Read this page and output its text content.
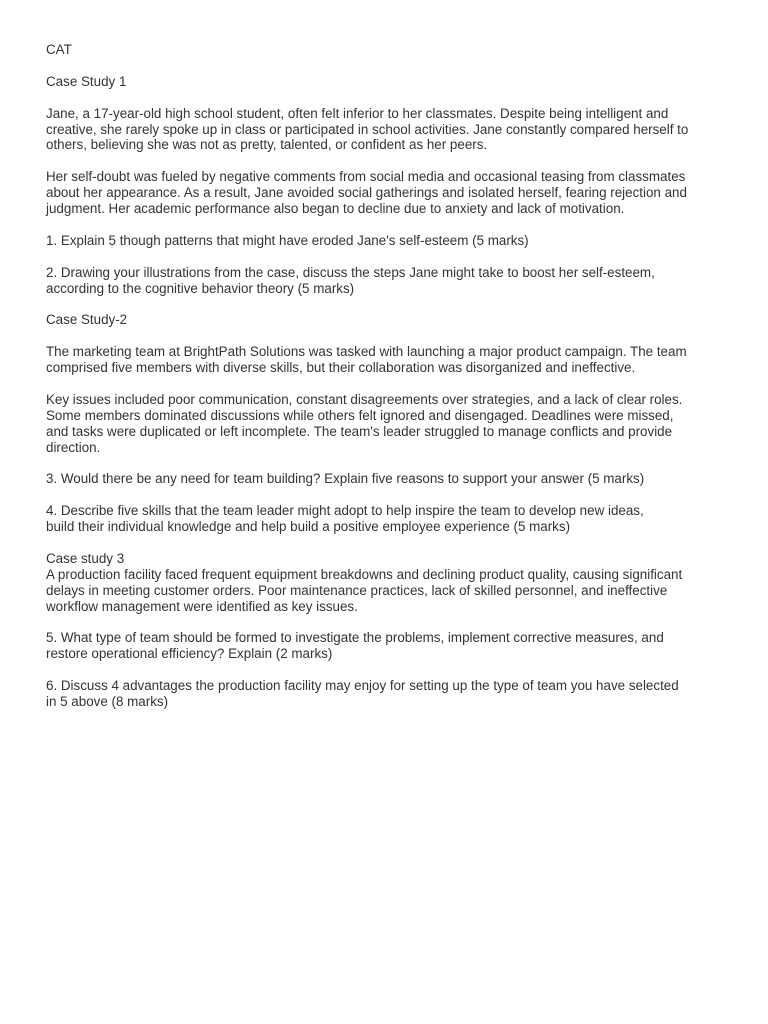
CAT

Case Study 1

Jane, a 17-year-old high school student, often felt inferior to her classmates. Despite being intelligent and
creative, she rarely spoke up in class or participated in school activities. Jane constantly compared herself to
others, believing she was not as pretty, talented, or confident as her peers.

Her self-doubt was fueled by negative comments from social media and occasional teasing from classmates
about her appearance. As a result, Jane avoided social gatherings and isolated herself, fearing rejection and
judgment. Her academic performance also began to decline due to anxiety and lack of motivation.

1. Explain 5 though patterns that might have eroded Jane's self-esteem (5 marks)

2. Drawing your illustrations from the case, discuss the steps Jane might take to boost her self-esteem,
according to the cognitive behavior theory (5 marks)

Case Study-2

The marketing team at BrightPath Solutions was tasked with launching a major product campaign. The team
comprised five members with diverse skills, but their collaboration was disorganized and ineffective.

Key issues included poor communication, constant disagreements over strategies, and a lack of clear roles.
Some members dominated discussions while others felt ignored and disengaged. Deadlines were missed,
and tasks were duplicated or left incomplete. The team's leader struggled to manage conflicts and provide
direction.

3. Would there be any need for team building? Explain five reasons to support your answer (5 marks)

4. Describe five skills that the team leader might adopt to help inspire the team to develop new ideas,
build their individual knowledge and help build a positive employee experience (5 marks)

Case study 3

A production facility faced frequent equipment breakdowns and declining product quality, causing significant
delays in meeting customer orders. Poor maintenance practices, lack of skilled personnel, and ineffective
workflow management were identified as key issues.

5. What type of team should be formed to investigate the problems, implement corrective measures, and
restore operational efficiency? Explain (2 marks)

6. Discuss 4 advantages the production facility may enjoy for setting up the type of team you have selected
in 5 above (8 marks)
